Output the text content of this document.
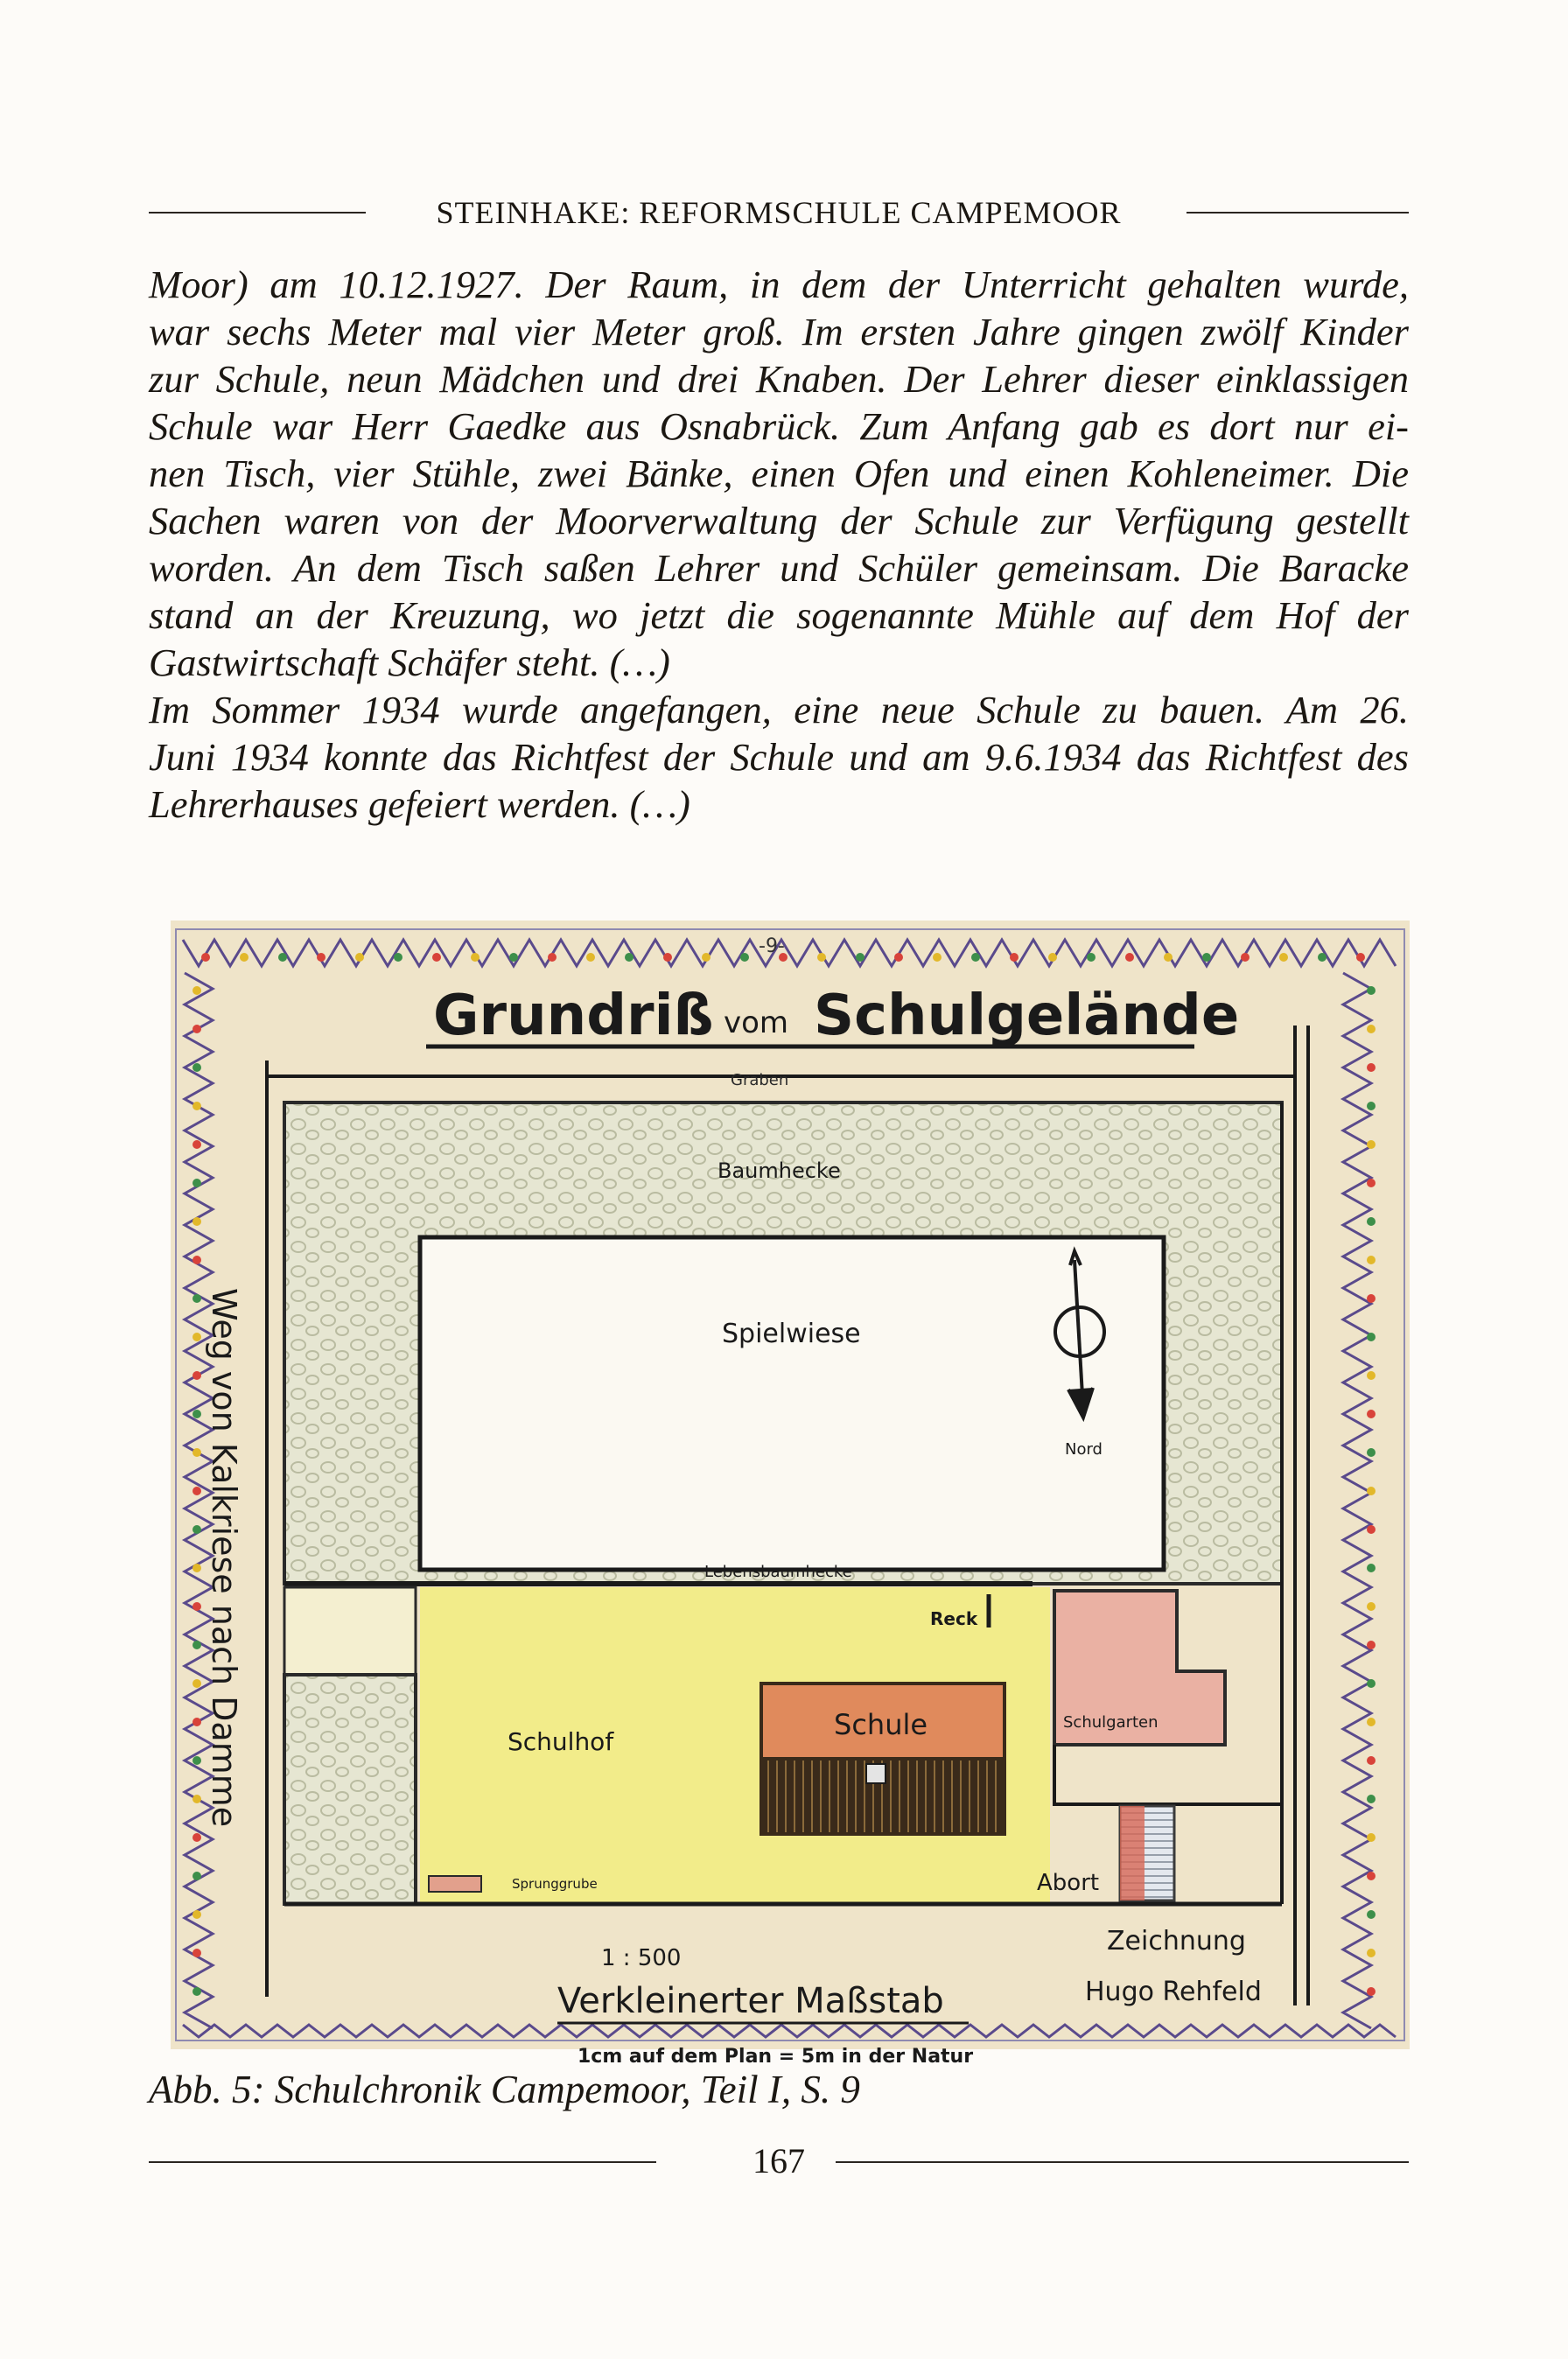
STEINHAKE: REFORMSCHULE CAMPEMOOR
Moor) am 10.12.1927. Der Raum, in dem der Unterricht gehalten wurde,
war sechs Meter mal vier Meter groß. Im ersten Jahre gingen zwölf Kinder
zur Schule, neun Mädchen und drei Knaben. Der Lehrer dieser einklassigen
Schule war Herr Gaedke aus Osnabrück. Zum Anfang gab es dort nur ei-
nen Tisch, vier Stühle, zwei Bänke, einen Ofen und einen Kohleneimer. Die
Sachen waren von der Moorverwaltung der Schule zur Verfügung gestellt
worden. An dem Tisch saßen Lehrer und Schüler gemeinsam. Die Baracke
stand an der Kreuzung, wo jetzt die sogenannte Mühle auf dem Hof der
Gastwirtschaft Schäfer steht. (…)
Im Sommer 1934 wurde angefangen, eine neue Schule zu bauen. Am 26.
Juni 1934 konnte das Richtfest der Schule und am 9.6.1934 das Richtfest des
Lehrerhauses gefeiert werden. (…)
-9-
Grundriß vom Schulgelände
Graben
Baumhecke
Spielwiese
Nord
Lebensbaumhecke
Schulhof
Reck
Schule	Schulgarten
Abort
Sprunggrube
Weg von Kalkriese nach Damme
1 : 500
Verkleinerter Maßstab
1cm auf dem Plan = 5m in der Natur
Zeichnung
Hugo Rehfeld
Abb. 5: Schulchronik Campemoor, Teil I, S. 9
167
